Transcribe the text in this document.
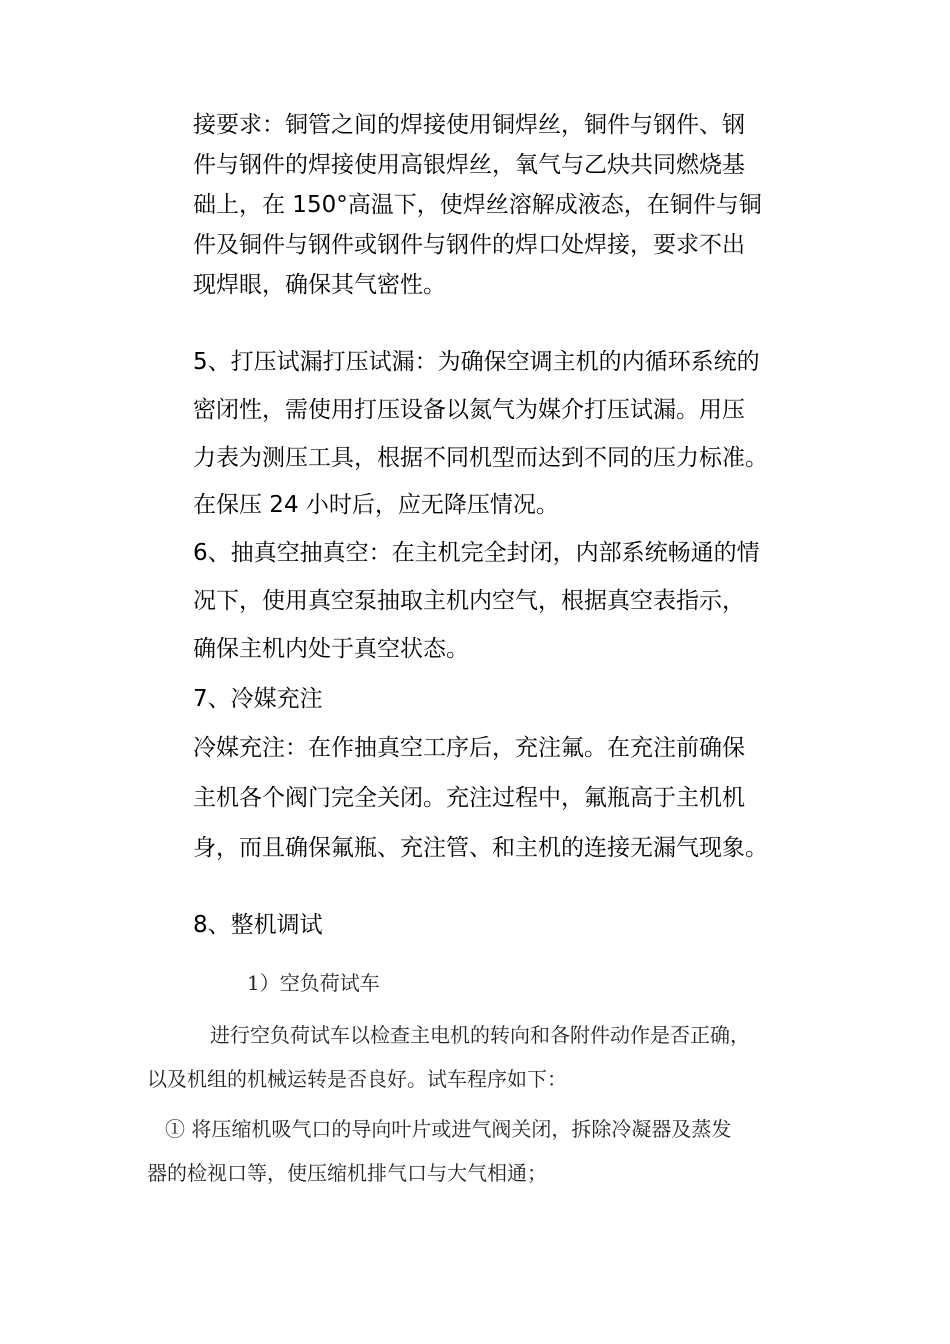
接要求：铜管之间的焊接使用铜焊丝，铜件与钢件、钢
件与钢件的焊接使用高银焊丝，氧气与乙炔共同燃烧基
础上，在 150°高温下，使焊丝溶解成液态，在铜件与铜
件及铜件与钢件或钢件与钢件的焊口处焊接，要求不出
现焊眼，确保其气密性。
5、打压试漏打压试漏：为确保空调主机的内循环系统的
密闭性，需使用打压设备以氮气为媒介打压试漏。用压
力表为测压工具，根据不同机型而达到不同的压力标准。
在保压 24 小时后，应无降压情况。
6、抽真空抽真空：在主机完全封闭，内部系统畅通的情
况下，使用真空泵抽取主机内空气，根据真空表指示，
确保主机内处于真空状态。
7、冷媒充注
冷媒充注：在作抽真空工序后，充注氟。在充注前确保
主机各个阀门完全关闭。充注过程中，氟瓶高于主机机
身，而且确保氟瓶、充注管、和主机的连接无漏气现象。
8、整机调试
1）空负荷试车
进行空负荷试车以检查主电机的转向和各附件动作是否正确，
以及机组的机械运转是否良好。试车程序如下：
① 将压缩机吸气口的导向叶片或进气阀关闭，拆除冷凝器及蒸发
器的检视口等，使压缩机排气口与大气相通；
